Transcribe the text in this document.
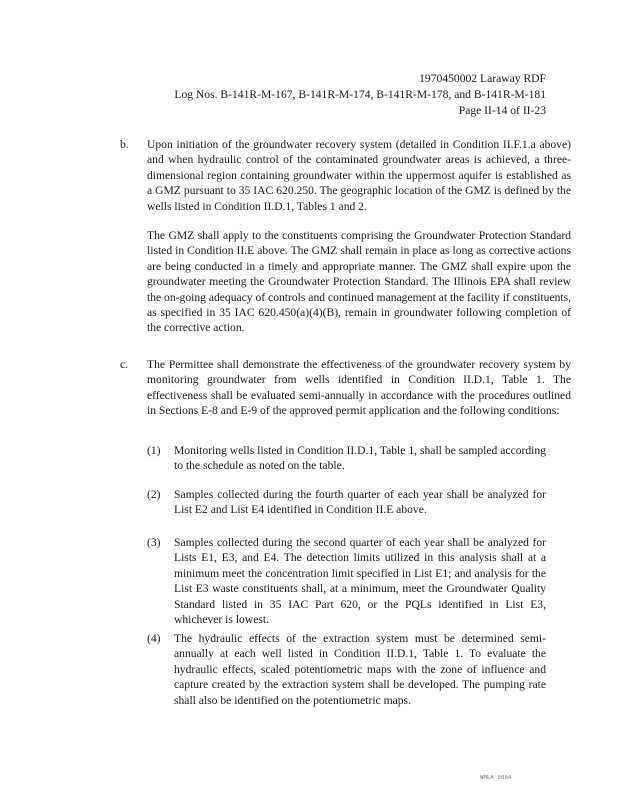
1970450002 Laraway RDF
Log Nos. B-141R-M-167, B-141R-M-174, B-141R-M-178, and B-141R-M-181
Page II-14 of II-23
b. Upon initiation of the groundwater recovery system (detailed in Condition II.F.1.a above) and when hydraulic control of the contaminated groundwater areas is achieved, a three-dimensional region containing groundwater within the uppermost aquifer is established as a GMZ pursuant to 35 IAC 620.250. The geographic location of the GMZ is defined by the wells listed in Condition II.D.1, Tables 1 and 2.

The GMZ shall apply to the constituents comprising the Groundwater Protection Standard listed in Condition II.E above. The GMZ shall remain in place as long as corrective actions are being conducted in a timely and appropriate manner. The GMZ shall expire upon the groundwater meeting the Groundwater Protection Standard. The Illinois EPA shall review the on-going adequacy of controls and continued management at the facility if constituents, as specified in 35 IAC 620.450(a)(4)(B), remain in groundwater following completion of the corrective action.

c. The Permittee shall demonstrate the effectiveness of the groundwater recovery system by monitoring groundwater from wells identified in Condition II.D.1, Table 1. The effectiveness shall be evaluated semi-annually in accordance with the procedures outlined in Sections E-8 and E-9 of the approved permit application and the following conditions:

(1) Monitoring wells listed in Condition II.D.1, Table 1, shall be sampled according to the schedule as noted on the table.
(2) Samples collected during the fourth quarter of each year shall be analyzed for List E2 and List E4 identified in Condition II.E above.
(3) Samples collected during the second quarter of each year shall be analyzed for Lists E1, E3, and E4. The detection limits utilized in this analysis shall at a minimum meet the concentration limit specified in List E1; and analysis for the List E3 waste constituents shall, at a minimum, meet the Groundwater Quality Standard listed in 35 IAC Part 620, or the PQLs identified in List E3, whichever is lowest.
(4) The hydraulic effects of the extraction system must be determined semi-annually at each well listed in Condition II.D.1, Table 1. To evaluate the hydraulic effects, scaled potentiometric maps with the zone of influence and capture created by the extraction system shall be developed. The pumping rate shall also be identified on the potentiometric maps.
WMLA_0004
